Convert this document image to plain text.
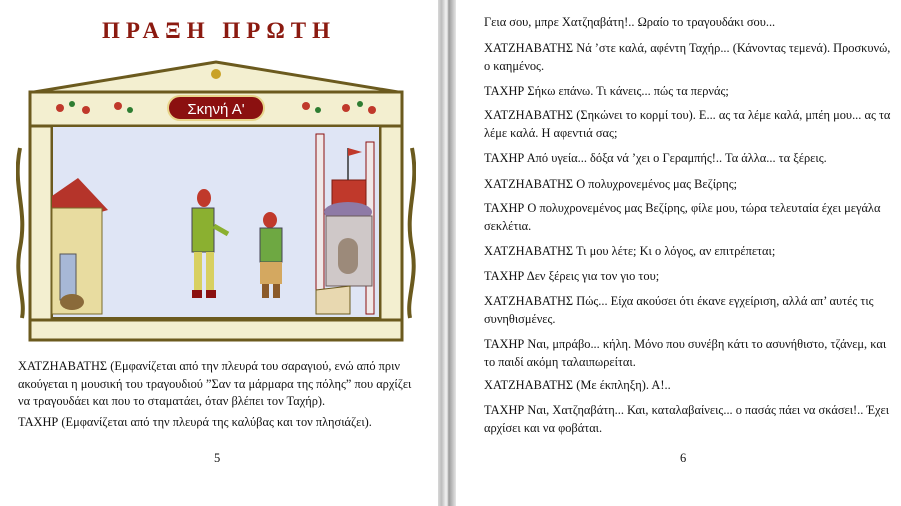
ΠΡΑΞΗ ΠΡΩΤΗ
Σκηνή Α'
ΧΑΤΖΗΑΒΑΤΗΣ (Εμφανίζεται από την πλευρά του σαραγιού, ενώ από πριν ακούγεται η μουσική του τραγουδιού ”Σαν τα μάρμαρα της πόλης” που αρχίζει να τραγουδάει και που το σταματάει, όταν βλέπει τον Ταχήρ).
ΤΑΧΗΡ (Εμφανίζεται από την πλευρά της καλύβας και τον πλησιάζει).
5
Γεια σου, μπρε Χατζηαβάτη!.. Ωραίο το τραγουδάκι σου...
ΧΑΤΖΗΑΒΑΤΗΣ Νά ’στε καλά, αφέντη Ταχήρ... (Κάνοντας τεμενά). Προσκυνώ, ο καημένος.
ΤΑΧΗΡ Σήκω επάνω. Τι κάνεις... πώς τα περνάς;
ΧΑΤΖΗΑΒΑΤΗΣ (Σηκώνει το κορμί του). Ε... ας τα λέμε καλά, μπέη μου... ας τα λέμε καλά. Η αφεντιά σας;
ΤΑΧΗΡ Από υγεία... δόξα νά ’χει ο Γεραμπής!.. Τα άλλα... τα ξέρεις.
ΧΑΤΖΗΑΒΑΤΗΣ Ο πολυχρονεμένος μας Βεζίρης;
ΤΑΧΗΡ Ο πολυχρονεμένος μας Βεζίρης, φίλε μου, τώρα τελευταία έχει μεγάλα σεκλέτια.
ΧΑΤΖΗΑΒΑΤΗΣ Τι μου λέτε; Κι ο λόγος, αν επιτρέπεται;
ΤΑΧΗΡ Δεν ξέρεις για τον γιο του;
ΧΑΤΖΗΑΒΑΤΗΣ Πώς... Είχα ακούσει ότι έκανε εγχείριση, αλλά απ’ αυτές τις συνηθισμένες.
ΤΑΧΗΡ Ναι, μπράβο... κήλη. Μόνο που συνέβη κάτι το ασυνήθιστο, τζάνεμ, και το παιδί ακόμη ταλαιπωρείται.
ΧΑΤΖΗΑΒΑΤΗΣ (Με έκπληξη). Α!..
ΤΑΧΗΡ Ναι, Χατζηαβάτη... Και, καταλαβαίνεις... ο πασάς πάει να σκάσει!.. Έχει αρχίσει και να φοβάται.
6
